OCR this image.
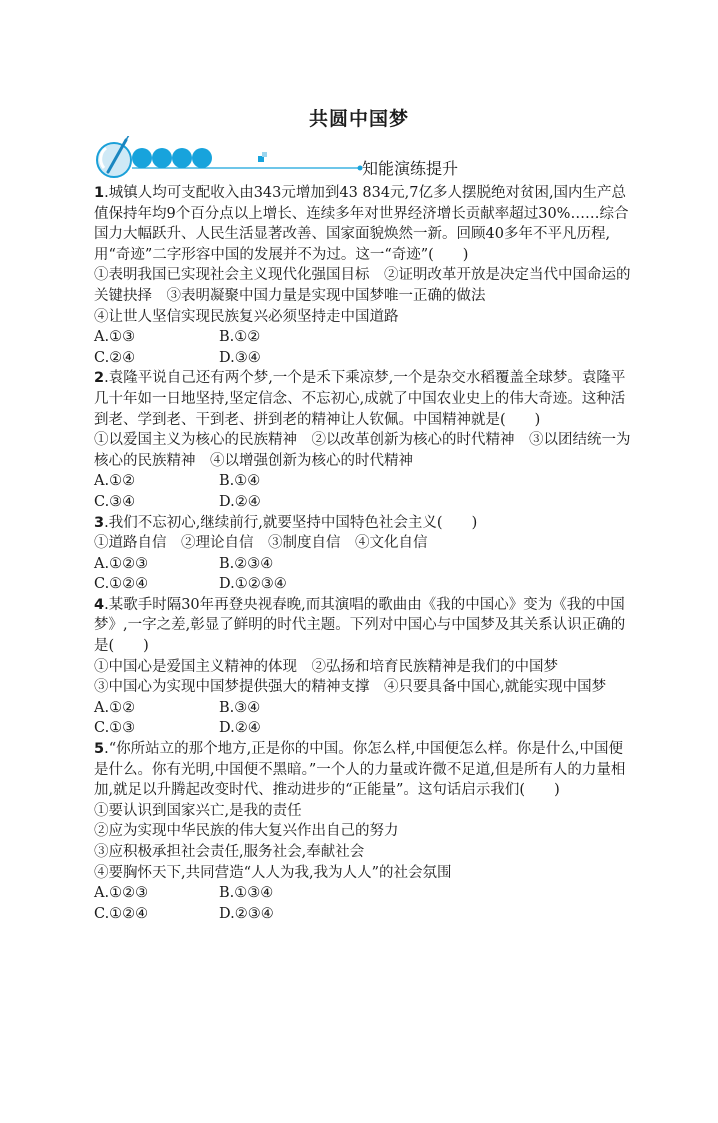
共圆中国梦
知能演练提升

1.城镇人均可支配收入由343元增加到43 834元,7亿多人摆脱绝对贫困,国内生产总值保持年均9个百分点以上增长、连续多年对世界经济增长贡献率超过30%……综合国力大幅跃升、人民生活显著改善、国家面貌焕然一新。回顾40多年不平凡历程,用“奇迹”二字形容中国的发展并不为过。这一“奇迹”(　　)

①表明我国已实现社会主义现代化强国目标　②证明改革开放是决定当代中国命运的关键抉择　③表明凝聚中国力量是实现中国梦唯一正确的做法

④让世人坚信实现民族复兴必须坚持走中国道路

A.①③	B.①②
C.②④	D.③④

2.袁隆平说自己还有两个梦,一个是禾下乘凉梦,一个是杂交水稻覆盖全球梦。袁隆平几十年如一日地坚持,坚定信念、不忘初心,成就了中国农业史上的伟大奇迹。这种活到老、学到老、干到老、拼到老的精神让人钦佩。中国精神就是(　　)

①以爱国主义为核心的民族精神　②以改革创新为核心的时代精神　③以团结统一为核心的民族精神　④以增强创新为核心的时代精神

A.①②	B.①④
C.③④	D.②④

3.我们不忘初心,继续前行,就要坚持中国特色社会主义(　　)

①道路自信　②理论自信　③制度自信　④文化自信

A.①②③	B.②③④
C.①②④	D.①②③④

4.某歌手时隔30年再登央视春晚,而其演唱的歌曲由《我的中国心》变为《我的中国梦》,一字之差,彰显了鲜明的时代主题。下列对中国心与中国梦及其关系认识正确的是(　　)

①中国心是爱国主义精神的体现　②弘扬和培育民族精神是我们的中国梦

③中国心为实现中国梦提供强大的精神支撑　④只要具备中国心,就能实现中国梦

A.①②	B.③④
C.①③	D.②④

5.“你所站立的那个地方,正是你的中国。你怎么样,中国便怎么样。你是什么,中国便是什么。你有光明,中国便不黑暗。”一个人的力量或许微不足道,但是所有人的力量相加,就足以升腾起改变时代、推动进步的“正能量”。这句话启示我们(　　)

①要认识到国家兴亡,是我的责任

②应为实现中华民族的伟大复兴作出自己的努力

③应积极承担社会责任,服务社会,奉献社会

④要胸怀天下,共同营造“人人为我,我为人人”的社会氛围

A.①②③	B.①③④
C.①②④	D.②③④
